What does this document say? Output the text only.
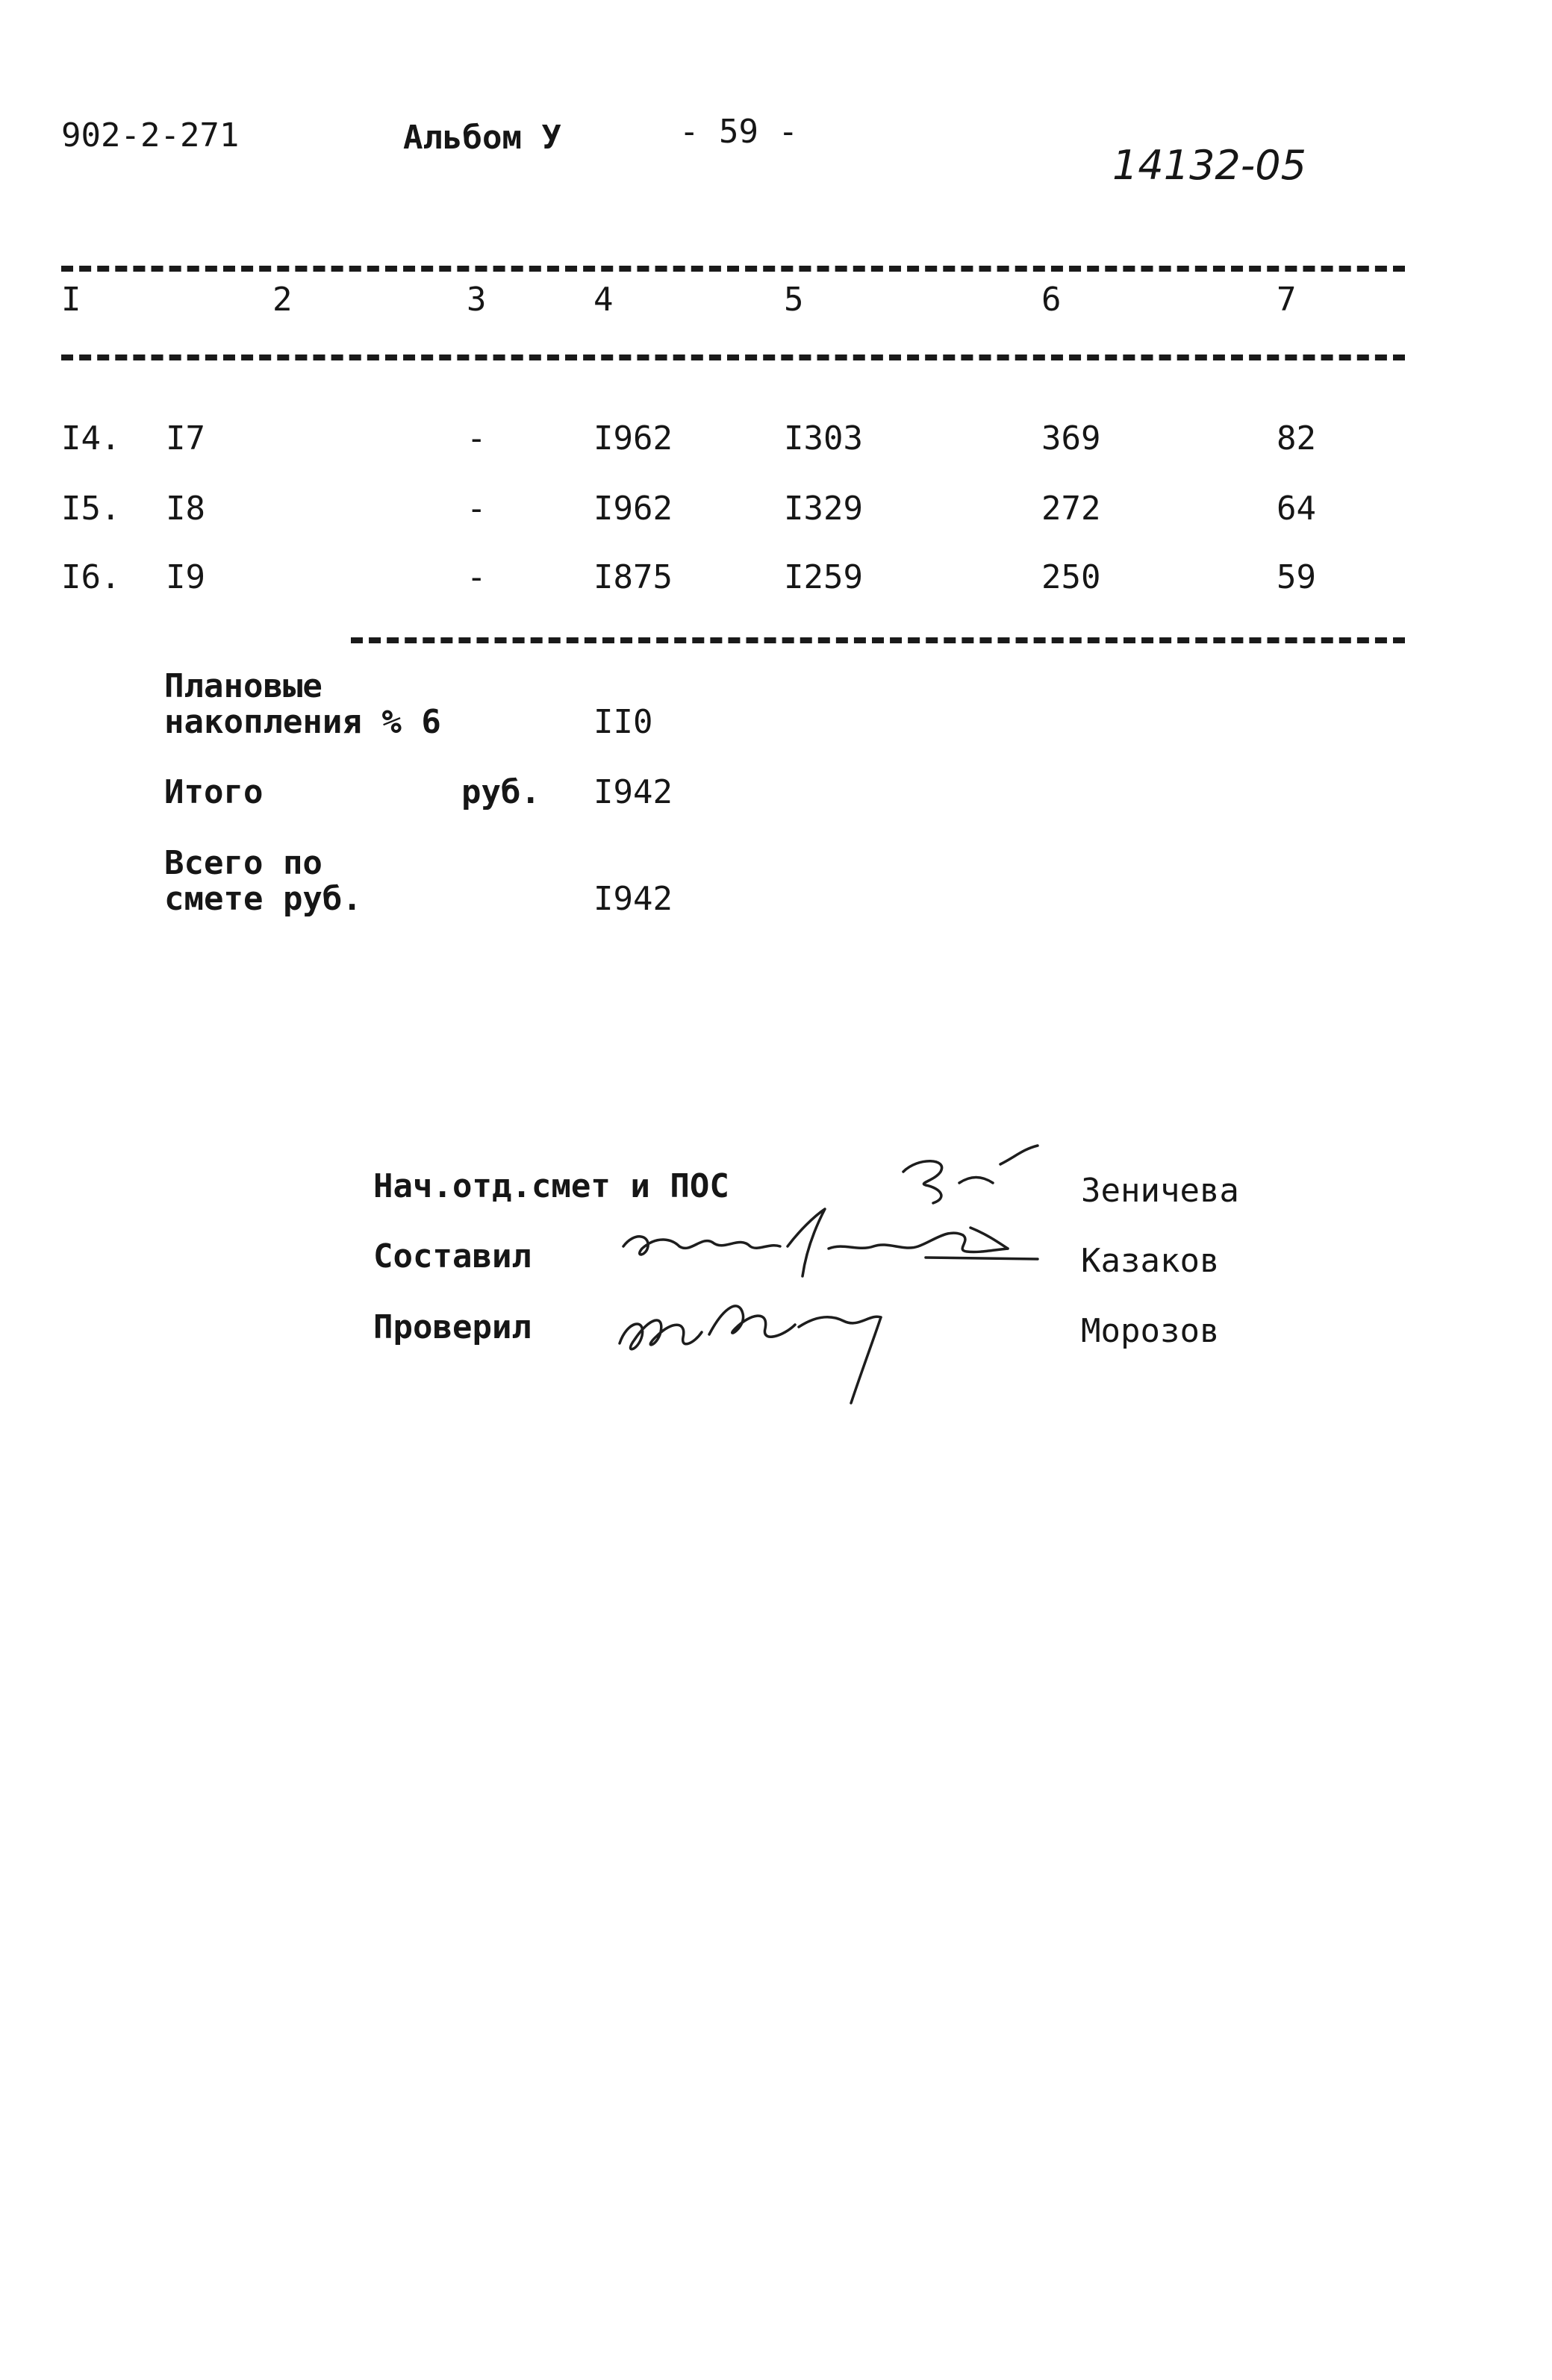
902-2-271	Альбом У	- 59 -
14132-05
I	2	3	4	5	6	7
I4. I7	-	I962	I303	369	82
I5. I8	-	I962	I329	272	64
I6. I9	-	I875	I259	250	59
Плановые
накопления % 6	II0
Итого	руб. I942
Всего по
смете руб.	I942
Нач.отд.смет и ПОС
Составил
Проверил
Зеничева
Казаков
Морозов
